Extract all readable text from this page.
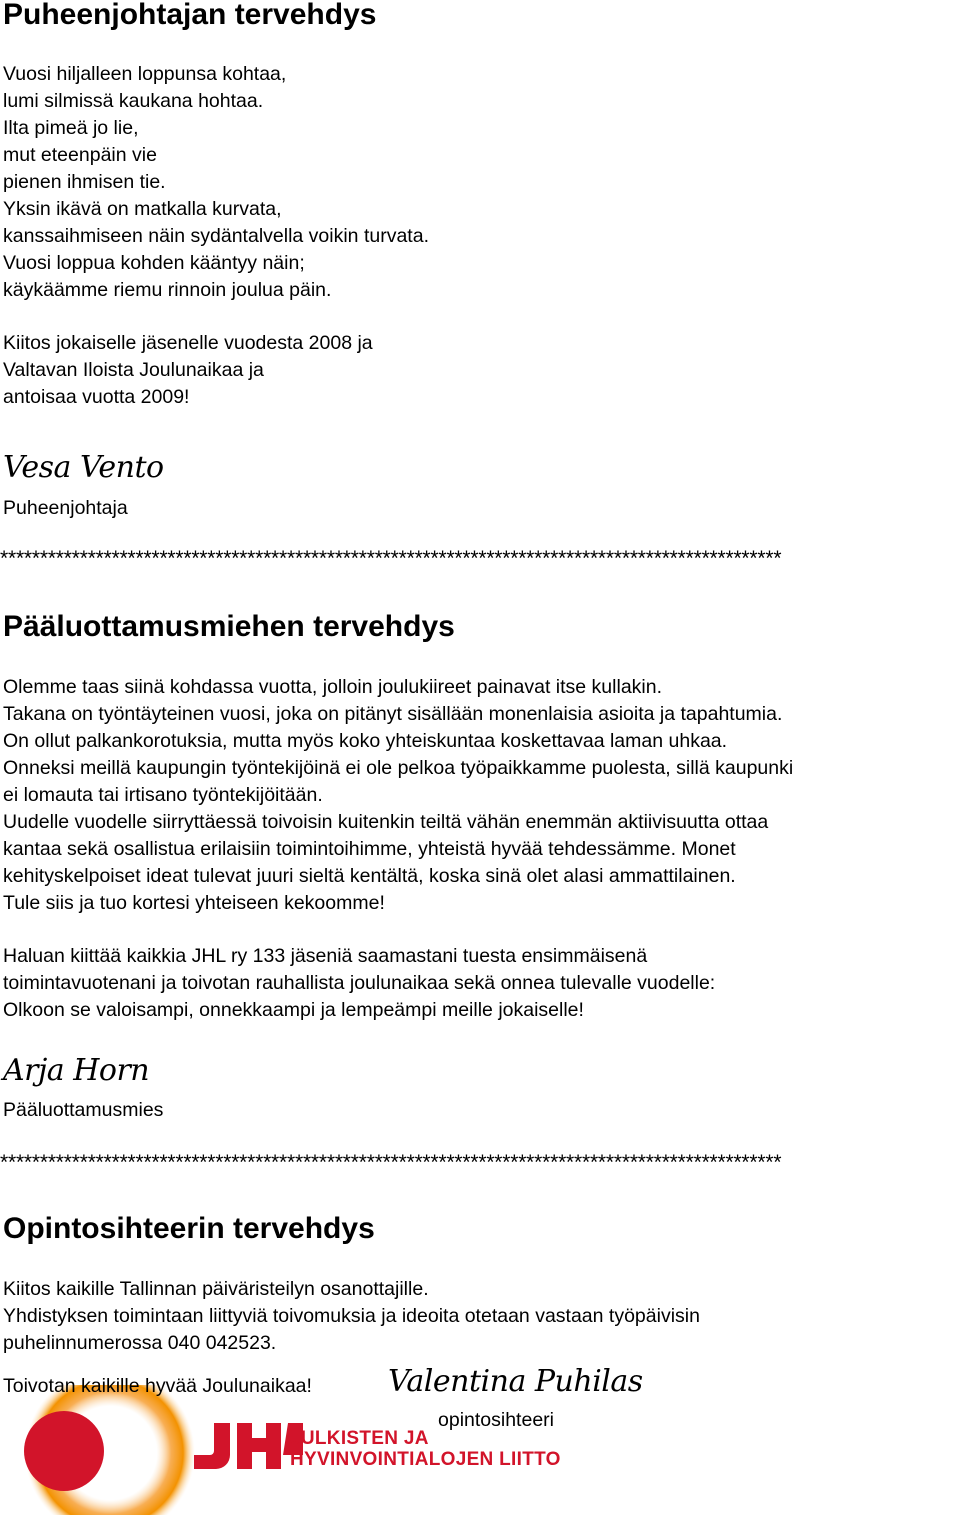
Puheenjohtajan tervehdys
Vuosi hiljalleen loppunsa kohtaa,
lumi silmissä kaukana hohtaa.
Ilta pimeä jo lie,
mut eteenpäin vie
pienen ihmisen tie.
Yksin ikävä on matkalla kurvata,
kanssaihmiseen näin sydäntalvella voikin turvata.
Vuosi loppua kohden kääntyy näin;
käykäämme riemu rinnoin joulua päin.
Kiitos jokaiselle jäsenelle vuodesta 2008 ja
Valtavan Iloista Joulunaikaa ja
antoisaa vuotta 2009!
Vesa Vento
Puheenjohtaja
**************************************************************************************************
Pääluottamusmiehen tervehdys
Olemme taas siinä kohdassa vuotta, jolloin joulukiireet painavat itse kullakin.
Takana on työntäyteinen vuosi, joka on pitänyt sisällään monenlaisia asioita ja tapahtumia.
On ollut palkankorotuksia, mutta myös koko yhteiskuntaa koskettavaa laman uhkaa.
Onneksi meillä kaupungin työntekijöinä ei ole pelkoa työpaikkamme puolesta, sillä kaupunki
ei lomauta tai irtisano työntekijöitään.
Uudelle vuodelle siirryttäessä toivoisin kuitenkin teiltä vähän enemmän aktiivisuutta ottaa
kantaa sekä osallistua erilaisiin toimintoihimme, yhteistä hyvää tehdessämme. Monet
kehityskelpoiset ideat tulevat juuri sieltä kentältä, koska sinä olet alasi ammattilainen.
Tule siis ja tuo kortesi yhteiseen kekoomme!
Haluan kiittää kaikkia JHL ry 133 jäseniä saamastani tuesta ensimmäisenä
toimintavuotenani ja toivotan rauhallista joulunaikaa sekä onnea tulevalle vuodelle:
Olkoon se valoisampi, onnekkaampi ja lempeämpi meille jokaiselle!
Arja Horn
Pääluottamusmies
**************************************************************************************************
Opintosihteerin tervehdys
Kiitos kaikille Tallinnan päiväristeilyn osanottajille.
Yhdistyksen toimintaan liittyviä toivomuksia ja ideoita otetaan vastaan työpäivisin
puhelinnumerossa 040 042523.
JULKISTEN JA
HYVINVOINTIALOJEN LIITTO
Toivotan kaikille hyvää Joulunaikaa!	Valentina Puhilas
opintosihteeri
